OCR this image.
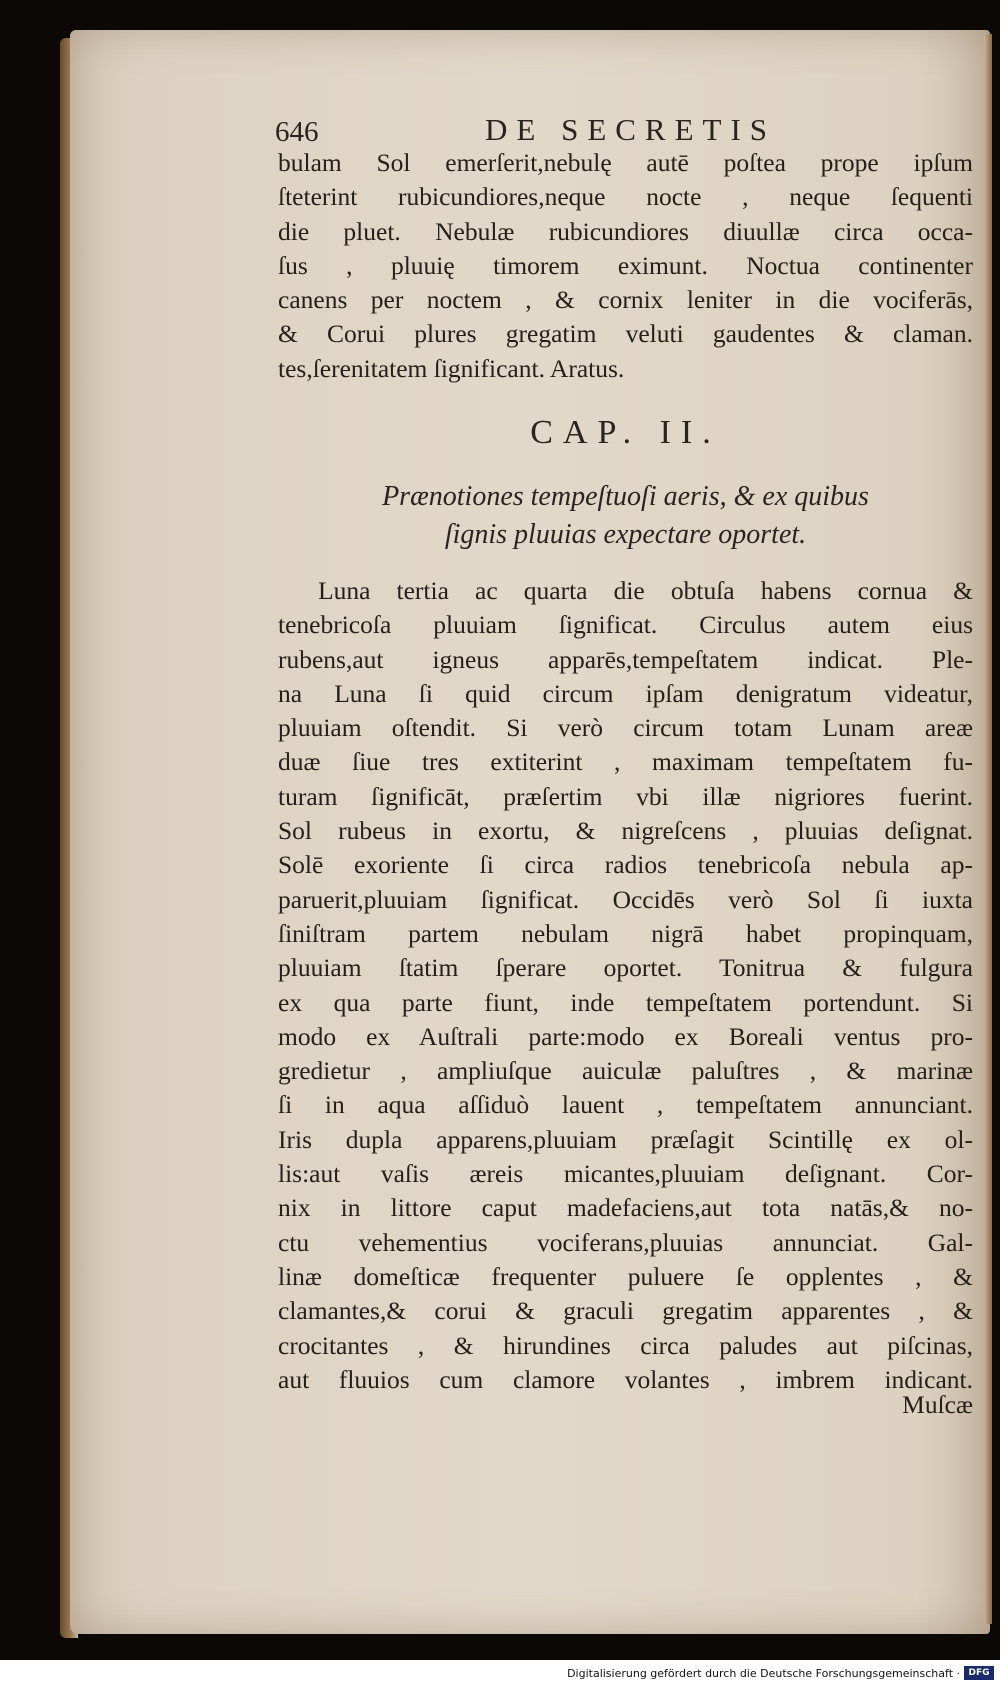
646	DE SECRETIS
bulam Sol emerſerit,nebulę autē poſtea prope ipſum
ſteterint rubicundiores,neque nocte , neque ſequenti
die pluet. Nebulæ rubicundiores diuullæ circa occa-
ſus , pluuię timorem eximunt. Noctua continenter
canens per noctem , & cornix leniter in die vociferās,
& Corui plures gregatim veluti gaudentes & claman.
tes,ſerenitatem ſignificant. Aratus.
CAP. II.
Prænotiones tempeſtuoſi aeris, & ex quibus
ſignis pluuias expectare oportet.
Luna tertia ac quarta die obtuſa habens cornua &
tenebricoſa pluuiam ſignificat. Circulus autem eius
rubens,aut igneus apparēs,tempeſtatem indicat. Ple-
na Luna ſi quid circum ipſam denigratum videatur,
pluuiam oſtendit. Si verò circum totam Lunam areæ
duæ ſiue tres extiterint , maximam tempeſtatem fu-
turam ſignificāt, præſertim vbi illæ nigriores fuerint.
Sol rubeus in exortu, & nigreſcens , pluuias deſignat.
Solē exoriente ſi circa radios tenebricoſa nebula ap-
paruerit,pluuiam ſignificat. Occidēs verò Sol ſi iuxta
ſiniſtram partem nebulam nigrā habet propinquam,
pluuiam ſtatim ſperare oportet. Tonitrua & fulgura
ex qua parte fiunt, inde tempeſtatem portendunt. Si
modo ex Auſtrali parte:modo ex Boreali ventus pro-
gredietur , ampliuſque auiculæ paluſtres , & marinæ
ſi in aqua aſſiduò lauent , tempeſtatem annunciant.
Iris dupla apparens,pluuiam præſagit Scintillę ex ol-
lis:aut vaſis æreis micantes,pluuiam deſignant. Cor-
nix in littore caput madefaciens,aut tota natās,& no-
ctu vehementius vociferans,pluuias annunciat. Gal-
linæ domeſticæ frequenter puluere ſe opplentes , &
clamantes,& corui & graculi gregatim apparentes , &
crocitantes , & hirundines circa paludes aut piſcinas,
aut fluuios cum clamore volantes , imbrem indicant.
Muſcæ
Digitalisierung gefördert durch die Deutsche Forschungsgemeinschaft · DFG
